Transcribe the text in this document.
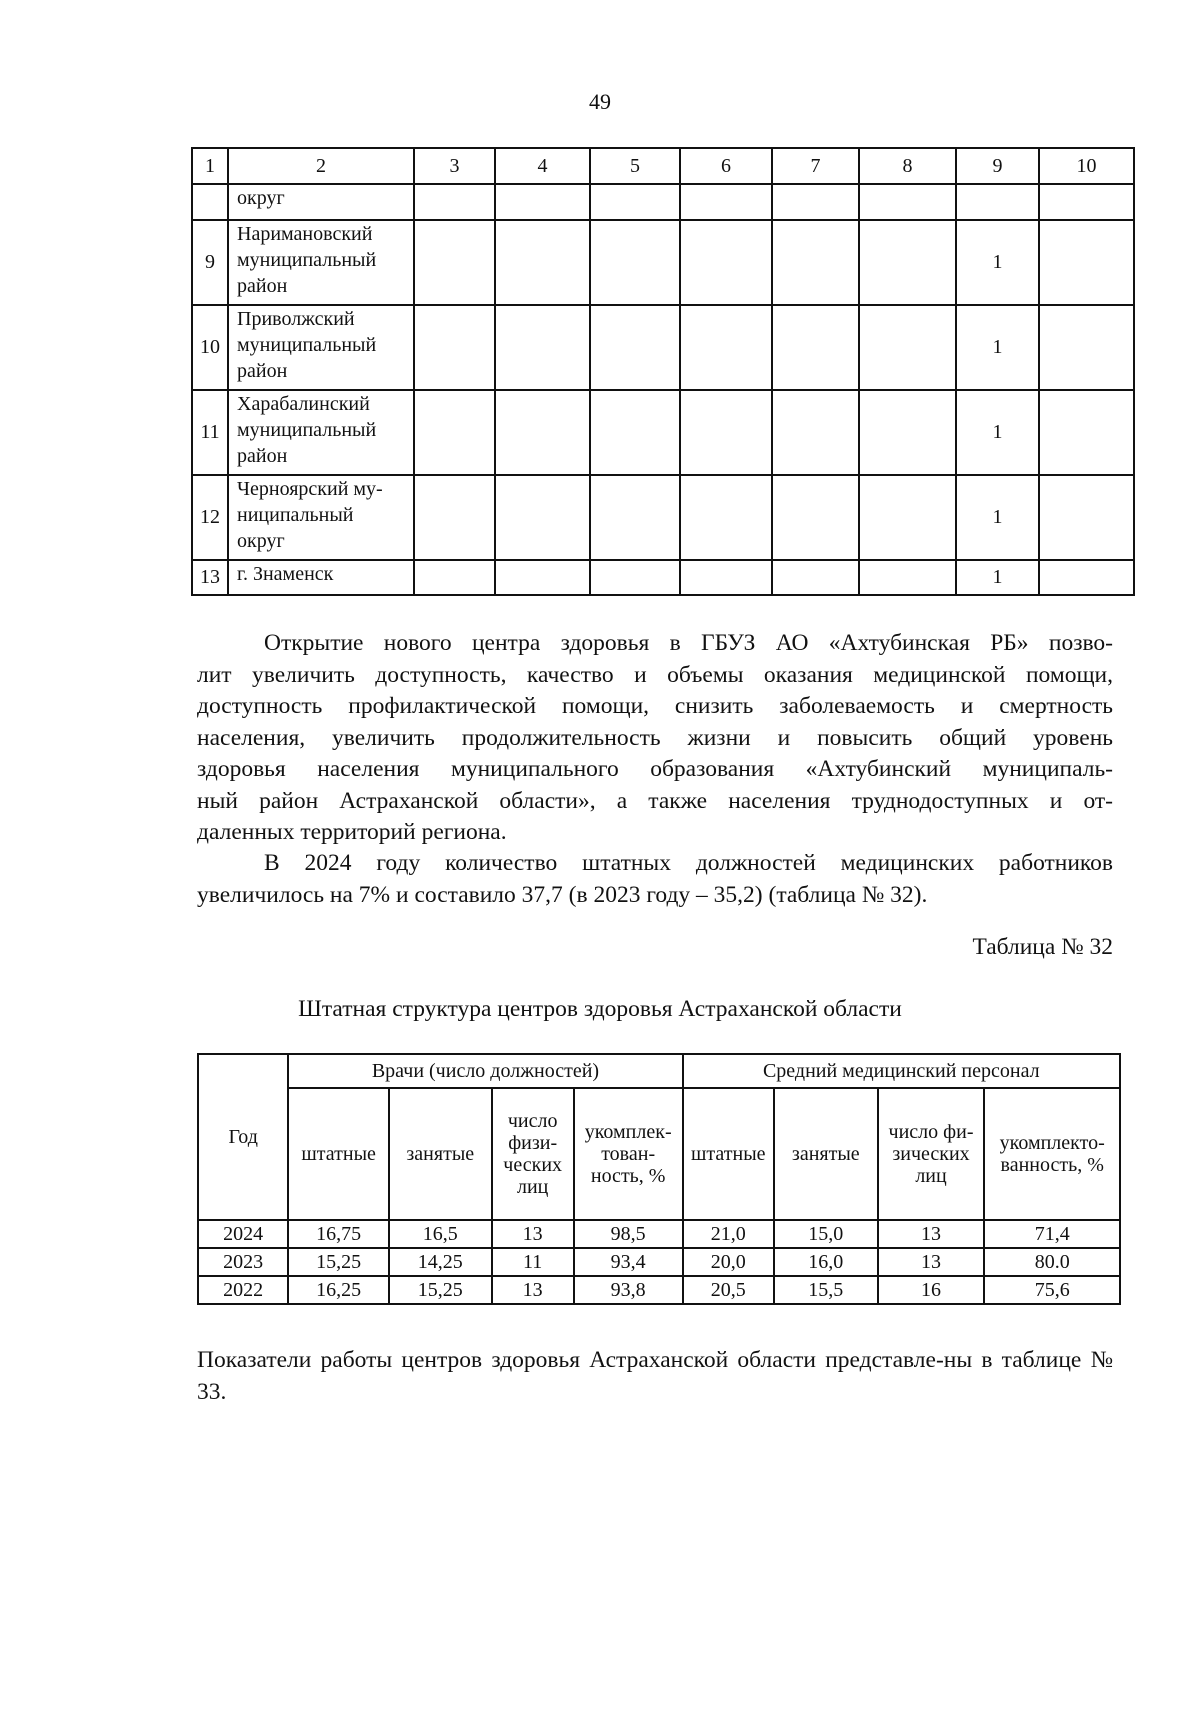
49
1	2	3	4	5	6	7	8	9	10
	округ								
9	Наримановский
муниципальный
район							1	
10	Приволжский
муниципальный
район							1	
11	Харабалинский
муниципальный
район							1	
12	Черноярский му-
ниципальный
округ							1	
13	г. Знаменск							1	
Открытие нового центра здоровья в ГБУЗ АО «Ахтубинская РБ» позво-
лит увеличить доступность, качество и объемы оказания медицинской помощи,
доступность профилактической помощи, снизить заболеваемость и смертность
населения, увеличить продолжительность жизни и повысить общий уровень
здоровья населения муниципального образования «Ахтубинский муниципаль-
ный район Астраханской области», а также населения труднодоступных и от-
даленных территорий региона.
В 2024 году количество штатных должностей медицинских работников
увеличилось на 7% и составило 37,7 (в 2023 году – 35,2) (таблица № 32).
Таблица № 32
Штатная структура центров здоровья Астраханской области
Год	Врачи (число должностей)				Средний медицинский персонал			
	штатные	занятые	число физи- ческих лиц	укомплек- тован- ность, %	штатные	занятые	число фи- зических лиц	укомплекто- ванность, %
2024	16,75	16,5	13	98,5	21,0	15,0	13	71,4
2023	15,25	14,25	11	93,4	20,0	16,0	13	80.0
2022	16,25	15,25	13	93,8	20,5	15,5	16	75,6
Показатели работы центров здоровья Астраханской области представле-ны в таблице № 33.
